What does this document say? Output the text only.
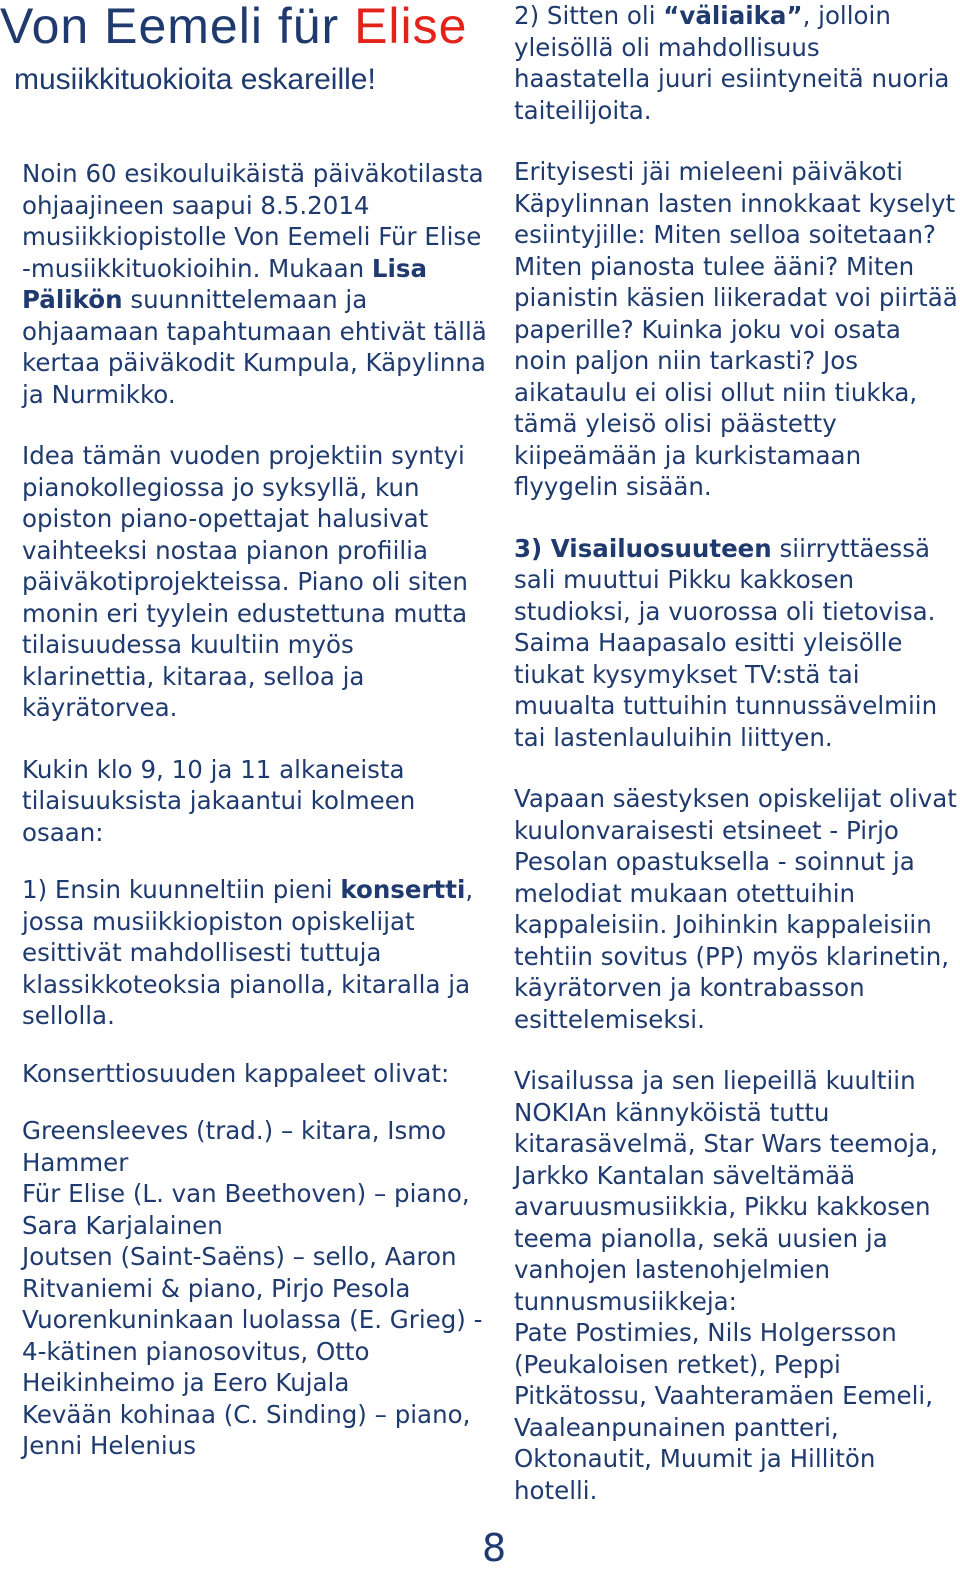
Von Eemeli für Elise
musiikkituokioita eskareille!

Noin 60 esikouluikäistä päiväkotilasta ohjaajineen saapui 8.5.2014 musiikkiopistolle Von Eemeli Für Elise -musiikkituokioihin. Mukaan Lisa Pälikön suunnittelemaan ja ohjaamaan tapahtumaan ehtivät tällä kertaa päiväkodit Kumpula, Käpylinna ja Nurmikko.

Idea tämän vuoden projektiin syntyi pianokollegiossa jo syksyllä, kun opiston piano-opettajat halusivat vaihteeksi nostaa pianon profiilia päiväkotiprojekteissa. Piano oli siten monin eri tyylein edustettuna mutta tilaisuudessa kuultiin myös klarinettia, kitaraa, selloa ja käyrätorvea.

Kukin klo 9, 10 ja 11 alkaneista tilaisuuksista jakaantui kolmeen osaan:

1) Ensin kuunneltiin pieni konsertti, jossa musiikkiopiston opiskelijat esittivät mahdollisesti tuttuja klassikkoteoksia pianolla, kitaralla ja sellolla.

Konserttiosuuden kappaleet olivat:

Greensleeves (trad.) – kitara, Ismo Hammer

Für Elise (L. van Beethoven) – piano, Sara Karjalainen

Joutsen (Saint-Saëns) – sello, Aaron Ritvaniemi & piano, Pirjo Pesola

Vuorenkuninkaan luolassa (E. Grieg) - 4-kätinen pianosovitus, Otto Heikinheimo ja Eero Kujala

Kevään kohinaa (C. Sinding) – piano, Jenni Helenius

2) Sitten oli “väliaika”, jolloin yleisöllä oli mahdollisuus haastatella juuri esiintyneitä nuoria taiteilijoita.

Erityisesti jäi mieleeni päiväkoti Käpylinnan lasten innokkaat kyselyt esiintyjille: Miten selloa soitetaan? Miten pianosta tulee ääni? Miten pianistin käsien liikeradat voi piirtää paperille? Kuinka joku voi osata noin paljon niin tarkasti? Jos aikataulu ei olisi ollut niin tiukka, tämä yleisö olisi päästetty kiipeämään ja kurkistamaan flyygelin sisään.

3) Visailuosuuteen siirryttäessä sali muuttui Pikku kakkosen studioksi, ja vuorossa oli tietovisa. Saima Haapasalo esitti yleisölle tiukat kysymykset TV:stä tai muualta tuttuihin tunnussävelmiin tai lastenlauluihin liittyen.

Vapaan säestyksen opiskelijat olivat kuulonvaraisesti etsineet - Pirjo Pesolan opastuksella - soinnut ja melodiat mukaan otettuihin kappaleisiin. Joihinkin kappaleisiin tehtiin sovitus (PP) myös klarinetin, käyrätorven ja kontrabasson esittelemiseksi.

Visailussa ja sen liepeillä kuultiin NOKIAn kännyköistä tuttu kitarasävelmä, Star Wars teemoja, Jarkko Kantalan säveltämää avaruusmusiikkia, Pikku kakkosen teema pianolla, sekä uusien ja vanhojen lastenohjelmien tunnusmusiikkeja:

Pate Postimies, Nils Holgersson (Peukaloisen retket), Peppi Pitkätossu, Vaahteramäen Eemeli, Vaaleanpunainen pantteri, Oktonautit, Muumit ja Hillitön hotelli.

8
